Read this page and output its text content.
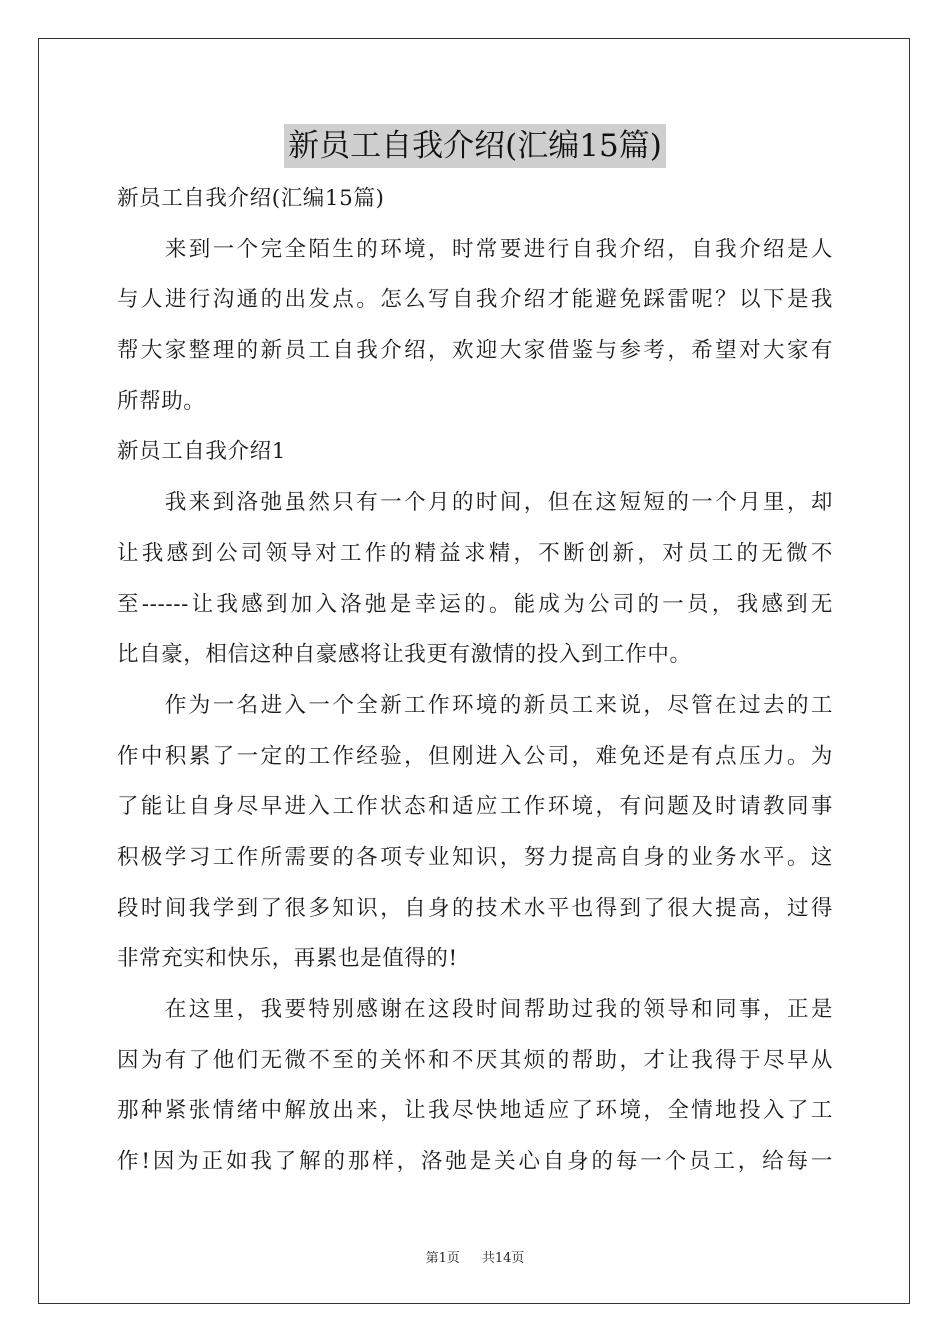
新员工自我介绍(汇编15篇)
新员工自我介绍(汇编15篇)
　　来到一个完全陌生的环境，时常要进行自我介绍，自我介绍是人
与人进行沟通的出发点。怎么写自我介绍才能避免踩雷呢？以下是我
帮大家整理的新员工自我介绍，欢迎大家借鉴与参考，希望对大家有
所帮助。
新员工自我介绍1
　　我来到洛弛虽然只有一个月的时间，但在这短短的一个月里，却
让我感到公司领导对工作的精益求精，不断创新，对员工的无微不
至------让我感到加入洛弛是幸运的。能成为公司的一员，我感到无
比自豪，相信这种自豪感将让我更有激情的投入到工作中。
　　作为一名进入一个全新工作环境的新员工来说，尽管在过去的工
作中积累了一定的工作经验，但刚进入公司，难免还是有点压力。为
了能让自身尽早进入工作状态和适应工作环境，有问题及时请教同事
积极学习工作所需要的各项专业知识，努力提高自身的业务水平。这
段时间我学到了很多知识，自身的技术水平也得到了很大提高，过得
非常充实和快乐，再累也是值得的!
　　在这里，我要特别感谢在这段时间帮助过我的领导和同事，正是
因为有了他们无微不至的关怀和不厌其烦的帮助，才让我得于尽早从
那种紧张情绪中解放出来，让我尽快地适应了环境，全情地投入了工
作!因为正如我了解的那样，洛弛是关心自身的每一个员工，给每一
第1页 共14页
